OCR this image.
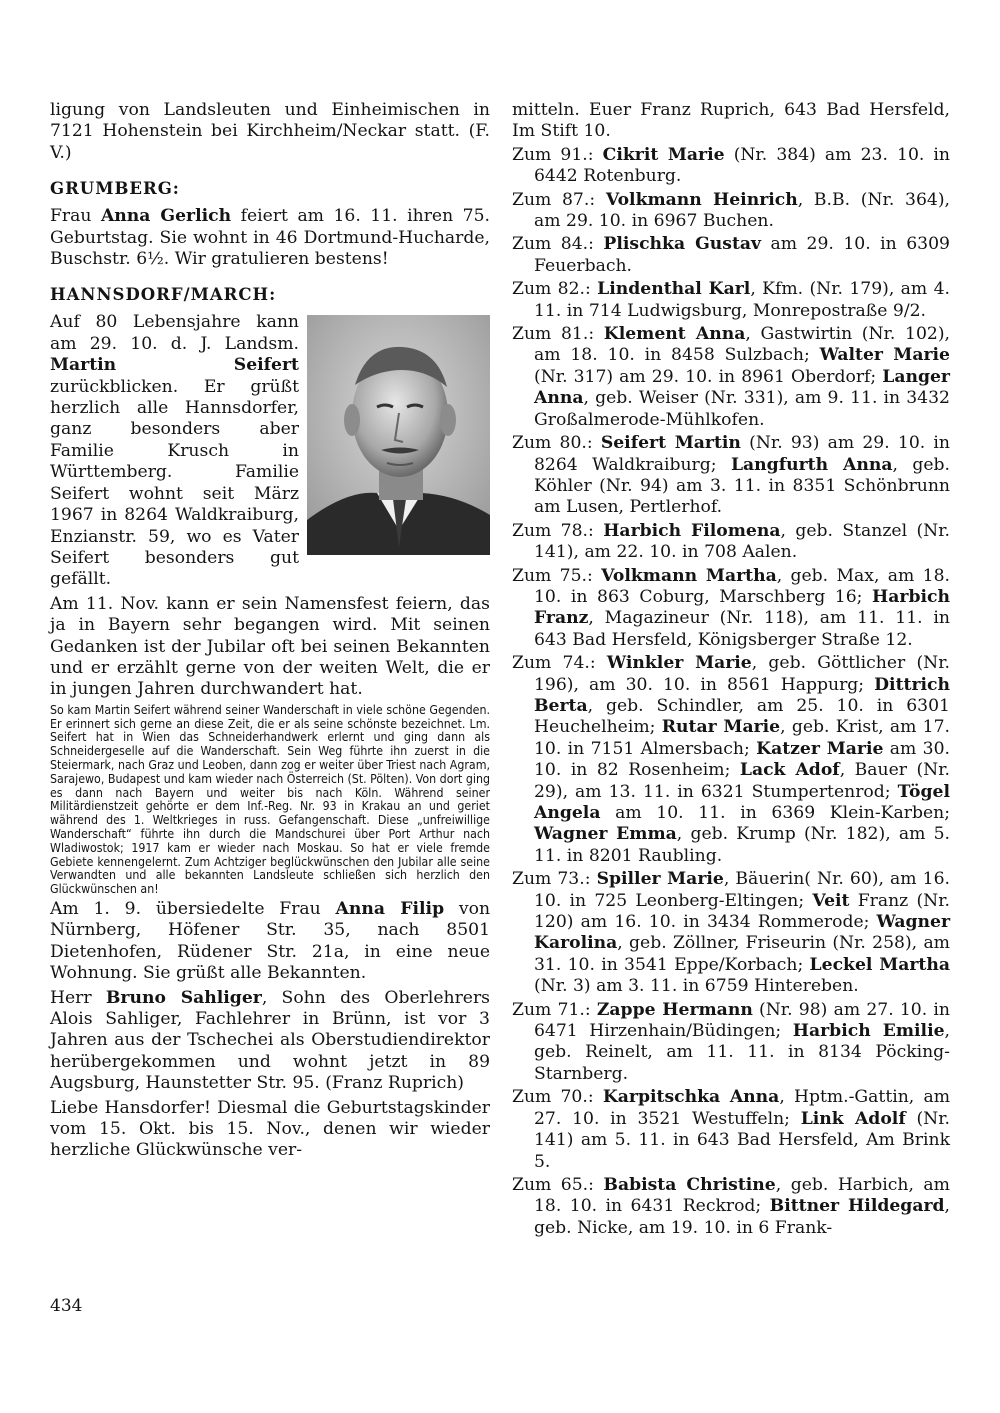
ligung von Landsleuten und Einheimischen in 7121 Hohenstein bei Kirchheim/Neckar statt. (F. V.)

GRUMBERG:

Frau Anna Gerlich feiert am 16. 11. ihren 75. Geburtstag. Sie wohnt in 46 Dortmund-Hucharde, Buschstr. 6½. Wir gratulieren bestens!

HANNSDORF/MARCH:

Auf 80 Lebensjahre kann am 29. 10. d. J. Landsm. Martin Seifert zurückblicken. Er grüßt herzlich alle Hannsdorfer, ganz besonders aber Familie Krusch in Württemberg. Familie Seifert wohnt seit März 1967 in 8264 Waldkraiburg, Enzianstr. 59, wo es Vater Seifert besonders gut gefällt.

Am 11. Nov. kann er sein Namensfest feiern, das ja in Bayern sehr begangen wird. Mit seinen Gedanken ist der Jubilar oft bei seinen Bekannten und er erzählt gerne von der weiten Welt, die er in jungen Jahren durchwandert hat.

So kam Martin Seifert während seiner Wanderschaft in viele schöne Gegenden. Er erinnert sich gerne an diese Zeit, die er als seine schönste bezeichnet. Lm. Seifert hat in Wien das Schneiderhandwerk erlernt und ging dann als Schneidergeselle auf die Wanderschaft. Sein Weg führte ihn zuerst in die Steiermark, nach Graz und Leoben, dann zog er weiter über Triest nach Agram, Sarajewo, Budapest und kam wieder nach Österreich (St. Pölten). Von dort ging es dann nach Bayern und weiter bis nach Köln. Während seiner Militärdienstzeit gehörte er dem Inf.-Reg. Nr. 93 in Krakau an und geriet während des 1. Weltkrieges in russ. Gefangenschaft. Diese „unfreiwillige Wanderschaft“ führte ihn durch die Mandschurei über Port Arthur nach Wladiwostok; 1917 kam er wieder nach Moskau. So hat er viele fremde Gebiete kennengelernt. Zum Achtziger beglückwünschen den Jubilar alle seine Verwandten und alle bekannten Landsleute schließen sich herzlich den Glückwünschen an!

Am 1. 9. übersiedelte Frau Anna Filip von Nürnberg, Höfener Str. 35, nach 8501 Dietenhofen, Rüdener Str. 21a, in eine neue Wohnung. Sie grüßt alle Bekannten.

Herr Bruno Sahliger, Sohn des Oberlehrers Alois Sahliger, Fachlehrer in Brünn, ist vor 3 Jahren aus der Tschechei als Oberstudiendirektor herübergekommen und wohnt jetzt in 89 Augsburg, Haunstetter Str. 95. (Franz Ruprich)

Liebe Hansdorfer! Diesmal die Geburtstagskinder vom 15. Okt. bis 15. Nov., denen wir wieder herzliche Glückwünsche ver-

mitteln. Euer Franz Ruprich, 643 Bad Hersfeld, Im Stift 10.

Zum 91.: Cikrit Marie (Nr. 384) am 23. 10. in 6442 Rotenburg.

Zum 87.: Volkmann Heinrich, B.B. (Nr. 364), am 29. 10. in 6967 Buchen.

Zum 84.: Plischka Gustav am 29. 10. in 6309 Feuerbach.

Zum 82.: Lindenthal Karl, Kfm. (Nr. 179), am 4. 11. in 714 Ludwigsburg, Monrepostraße 9/2.

Zum 81.: Klement Anna, Gastwirtin (Nr. 102), am 18. 10. in 8458 Sulzbach; Walter Marie (Nr. 317) am 29. 10. in 8961 Oberdorf; Langer Anna, geb. Weiser (Nr. 331), am 9. 11. in 3432 Großalmerode-Mühlkofen.

Zum 80.: Seifert Martin (Nr. 93) am 29. 10. in 8264 Waldkraiburg; Langfurth Anna, geb. Köhler (Nr. 94) am 3. 11. in 8351 Schönbrunn am Lusen, Pertlerhof.

Zum 78.: Harbich Filomena, geb. Stanzel (Nr. 141), am 22. 10. in 708 Aalen.

Zum 75.: Volkmann Martha, geb. Max, am 18. 10. in 863 Coburg, Marschberg 16; Harbich Franz, Magazineur (Nr. 118), am 11. 11. in 643 Bad Hersfeld, Königsberger Straße 12.

Zum 74.: Winkler Marie, geb. Göttlicher (Nr. 196), am 30. 10. in 8561 Happurg; Dittrich Berta, geb. Schindler, am 25. 10. in 6301 Heuchelheim; Rutar Marie, geb. Krist, am 17. 10. in 7151 Almersbach; Katzer Marie am 30. 10. in 82 Rosenheim; Lack Adof, Bauer (Nr. 29), am 13. 11. in 6321 Stumpertenrod; Tögel Angela am 10. 11. in 6369 Klein-Karben; Wagner Emma, geb. Krump (Nr. 182), am 5. 11. in 8201 Raubling.

Zum 73.: Spiller Marie, Bäuerin( Nr. 60), am 16. 10. in 725 Leonberg-Eltingen; Veit Franz (Nr. 120) am 16. 10. in 3434 Rommerode; Wagner Karolina, geb. Zöllner, Friseurin (Nr. 258), am 31. 10. in 3541 Eppe/Korbach; Leckel Martha (Nr. 3) am 3. 11. in 6759 Hintereben.

Zum 71.: Zappe Hermann (Nr. 98) am 27. 10. in 6471 Hirzenhain/Büdingen; Harbich Emilie, geb. Reinelt, am 11. 11. in 8134 Pöcking-Starnberg.

Zum 70.: Karpitschka Anna, Hptm.-Gattin, am 27. 10. in 3521 Westuffeln; Link Adolf (Nr. 141) am 5. 11. in 643 Bad Hersfeld, Am Brink 5.

Zum 65.: Babista Christine, geb. Harbich, am 18. 10. in 6431 Reckrod; Bittner Hildegard, geb. Nicke, am 19. 10. in 6 Frank-

434
